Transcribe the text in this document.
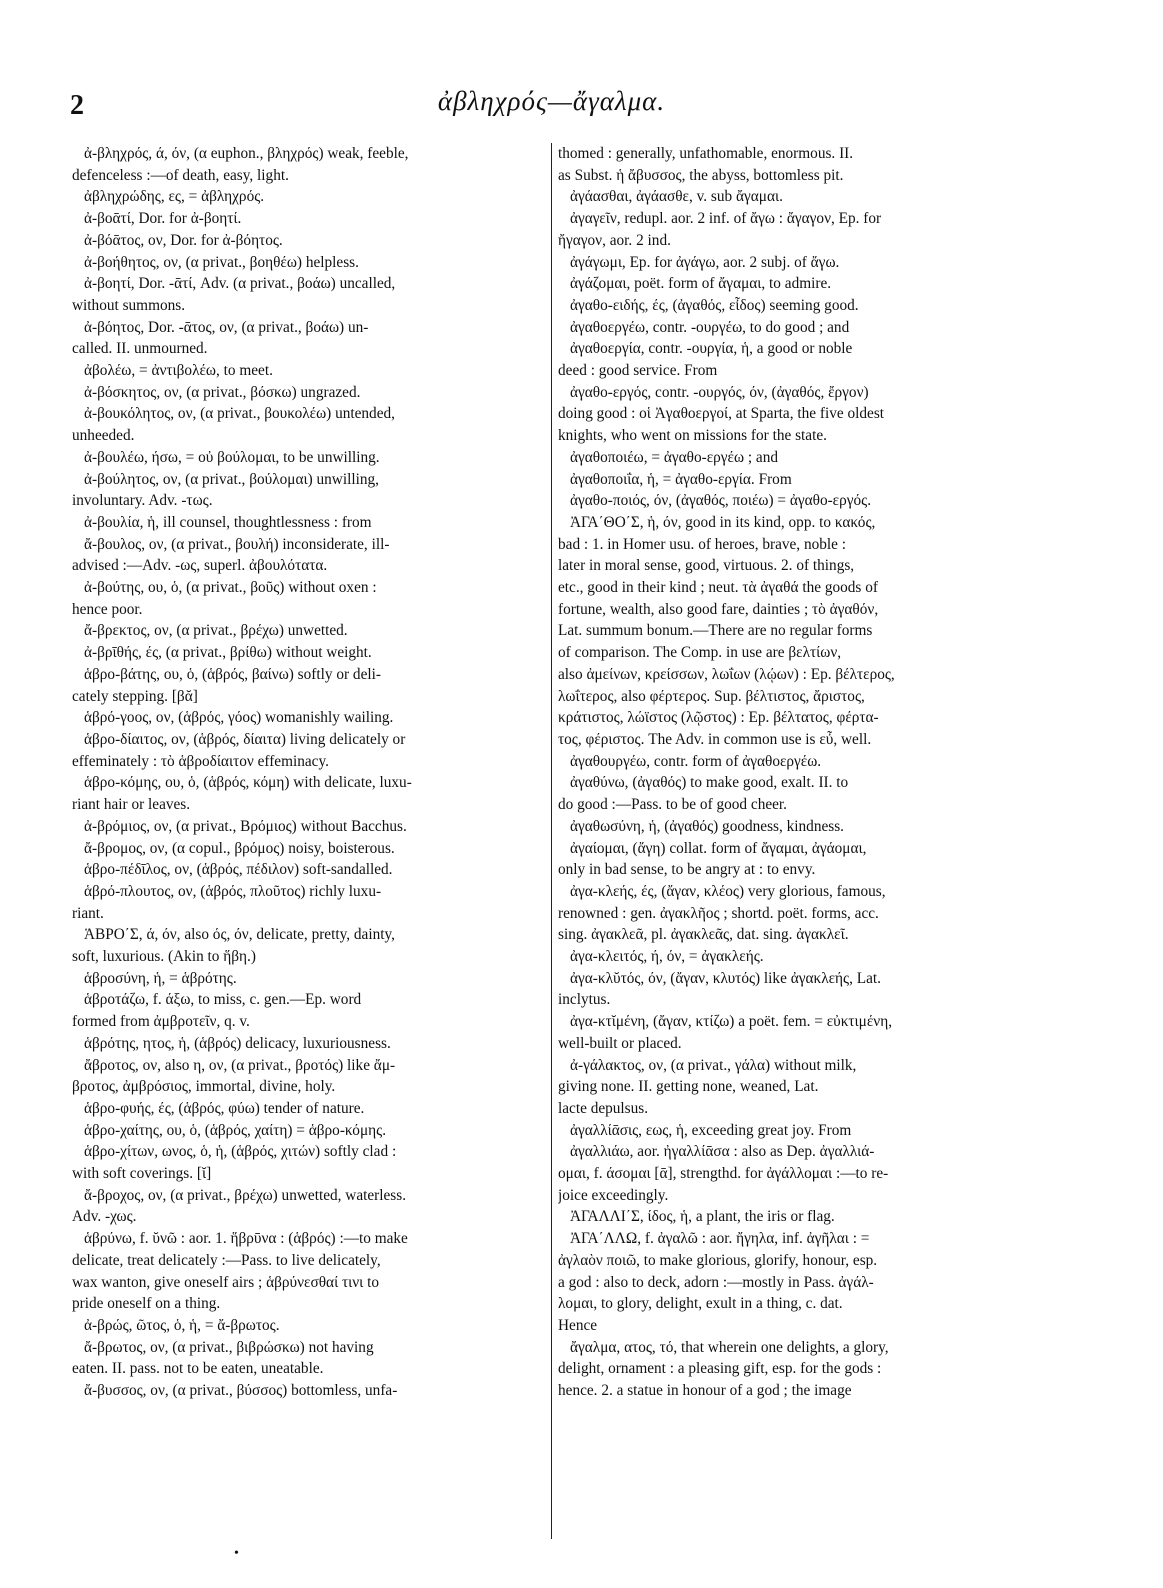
2	ἀβληχρός—ἄγαλμα.
ἀ-βληχρός, ά, όν, (α euphon., βληχρός) weak, feeble,
defenceless :—of death, easy, light.
ἀβληχρώδης, ες, = ἀβληχρός.
ἀ-βοᾱτί, Dor. for ἀ-βοητί.
ἀ-βόᾱτος, ον, Dor. for ἀ-βόητος.
ἀ-βοήθητος, ον, (α privat., βοηθέω) helpless.
ἀ-βοητί, Dor. -ᾱτί, Adv. (α privat., βοάω) uncalled,
without summons.
ἀ-βόητος, Dor. -ᾱτος, ον, (α privat., βοάω) un-
called. II. unmourned.
ἀβολέω, = ἀντιβολέω, to meet.
ἀ-βόσκητος, ον, (α privat., βόσκω) ungrazed.
ἀ-βουκόλητος, ον, (α privat., βουκολέω) untended,
unheeded.
ἀ-βουλέω, ήσω, = οὐ βούλομαι, to be unwilling.
ἀ-βούλητος, ον, (α privat., βούλομαι) unwilling,
involuntary. Adv. -τως.
ἀ-βουλία, ἡ, ill counsel, thoughtlessness : from
ἄ-βουλος, ον, (α privat., βουλή) inconsiderate, ill-
advised :—Adv. -ως, superl. ἀβουλότατα.
ἀ-βούτης, ου, ὁ, (α privat., βοῦς) without oxen :
hence poor.
ἄ-βρεκτος, ον, (α privat., βρέχω) unwetted.
ἀ-βρῑθής, ές, (α privat., βρίθω) without weight.
ἁβρο-βάτης, ου, ὁ, (ἁβρός, βαίνω) softly or deli-
cately stepping. [βᾰ]
ἁβρό-γοος, ον, (ἁβρός, γόος) womanishly wailing.
ἁβρο-δίαιτος, ον, (ἁβρός, δίαιτα) living delicately or
effeminately : τὸ ἁβροδίαιτον effeminacy.
ἁβρο-κόμης, ου, ὁ, (ἁβρός, κόμη) with delicate, luxu-
riant hair or leaves.
ἀ-βρόμιος, ον, (α privat., Βρόμιος) without Bacchus.
ἄ-βρομος, ον, (α copul., βρόμος) noisy, boisterous.
ἁβρο-πέδῑλος, ον, (ἁβρός, πέδιλον) soft-sandalled.
ἁβρό-πλουτος, ον, (ἁβρός, πλοῦτος) richly luxu-
riant.
ἉΒΡΟ΄Σ, ά, όν, also ός, όν, delicate, pretty, dainty,
soft, luxurious. (Akin to ἥβη.)
ἁβροσύνη, ἡ, = ἁβρότης.
ἁβροτάζω, f. άξω, to miss, c. gen.—Ep. word
formed from ἀμβροτεῖν, q. v.
ἁβρότης, ητος, ἡ, (ἁβρός) delicacy, luxuriousness.
ἄβροτος, ον, also η, ον, (α privat., βροτός) like ἄμ-
βροτος, ἀμβρόσιος, immortal, divine, holy.
ἁβρο-φυής, ές, (ἁβρός, φύω) tender of nature.
ἁβρο-χαίτης, ου, ὁ, (ἁβρός, χαίτη) = ἁβρο-κόμης.
ἁβρο-χίτων, ωνος, ὁ, ἡ, (ἁβρός, χιτών) softly clad :
with soft coverings. [ῐ]
ἄ-βροχος, ον, (α privat., βρέχω) unwetted, waterless.
Adv. -χως.
ἁβρύνω, f. ῠνῶ : aor. 1. ἥβρῡνα : (ἁβρός) :—to make
delicate, treat delicately :—Pass. to live delicately,
wax wanton, give oneself airs ; ἁβρύνεσθαί τινι to
pride oneself on a thing.
ἀ-βρώς, ῶτος, ὁ, ἡ, = ἄ-βρωτος.
ἄ-βρωτος, ον, (α privat., βιβρώσκω) not having
eaten. II. pass. not to be eaten, uneatable.
ἄ-βυσσος, ον, (α privat., βύσσος) bottomless, unfa-
thomed : generally, unfathomable, enormous. II.
as Subst. ἡ ἄβυσσος, the abyss, bottomless pit.
ἀγάασθαι, ἀγάασθε, v. sub ἄγαμαι.
ἀγαγεῖν, redupl. aor. 2 inf. of ἄγω : ἄγαγον, Ep. for
ἤγαγον, aor. 2 ind.
ἀγάγωμι, Ep. for ἀγάγω, aor. 2 subj. of ἄγω.
ἀγάζομαι, poët. form of ἄγαμαι, to admire.
ἀγαθο-ειδής, ές, (ἀγαθός, εἶδος) seeming good.
ἀγαθοεργέω, contr. -ουργέω, to do good ; and
ἀγαθοεργία, contr. -ουργία, ἡ, a good or noble
deed : good service. From
ἀγαθο-εργός, contr. -ουργός, όν, (ἀγαθός, ἔργον)
doing good : οἱ Ἀγαθοεργοί, at Sparta, the five oldest
knights, who went on missions for the state.
ἀγαθοποιέω, = ἀγαθο-εργέω ; and
ἀγαθοποιΐα, ἡ, = ἀγαθο-εργία. From
ἀγαθο-ποιός, όν, (ἀγαθός, ποιέω) = ἀγαθο-εργός.
ἈΓΑ΄ΘΟ΄Σ, ἡ, όν, good in its kind, opp. to κακός,
bad : 1. in Homer usu. of heroes, brave, noble :
later in moral sense, good, virtuous. 2. of things,
etc., good in their kind ; neut. τὰ ἀγαθά the goods of
fortune, wealth, also good fare, dainties ; τὸ ἀγαθόν,
Lat. summum bonum.—There are no regular forms
of comparison. The Comp. in use are βελτίων,
also ἀμείνων, κρείσσων, λωΐων (λῴων) : Ep. βέλτερος,
λωΐτερος, also φέρτερος. Sup. βέλτιστος, ἄριστος,
κράτιστος, λώϊστος (λῷστος) : Ep. βέλτατος, φέρτα-
τος, φέριστος. The Adv. in common use is εὖ, well.
ἀγαθουργέω, contr. form of ἀγαθοεργέω.
ἀγαθύνω, (ἀγαθός) to make good, exalt. II. to
do good :—Pass. to be of good cheer.
ἀγαθωσύνη, ἡ, (ἀγαθός) goodness, kindness.
ἀγαίομαι, (ἄγη) collat. form of ἄγαμαι, ἀγάομαι,
only in bad sense, to be angry at : to envy.
ἀγα-κλεής, ές, (ἄγαν, κλέος) very glorious, famous,
renowned : gen. ἀγακλῆος ; shortd. poët. forms, acc.
sing. ἀγακλεᾶ, pl. ἀγακλεᾶς, dat. sing. ἀγακλεῖ.
ἀγα-κλειτός, ή, όν, = ἀγακλεής.
ἀγα-κλῠτός, όν, (ἄγαν, κλυτός) like ἀγακλεής, Lat.
inclytus.
ἀγα-κτῐμένη, (ἄγαν, κτίζω) a poët. fem. = εὐκτιμένη,
well-built or placed.
ἀ-γάλακτος, ον, (α privat., γάλα) without milk,
giving none. II. getting none, weaned, Lat.
lacte depulsus.
ἀγαλλίᾱσις, εως, ἡ, exceeding great joy. From
ἀγαλλιάω, aor. ἠγαλλίᾱσα : also as Dep. ἀγαλλιά-
ομαι, f. άσομαι [ᾱ], strengthd. for ἀγάλλομαι :—to re-
joice exceedingly.
ἈΓΑΛΛΙ΄Σ, ίδος, ἡ, a plant, the iris or flag.
ἈΓΑ΄ΛΛΩ, f. ἀγαλῶ : aor. ἤγηλα, inf. ἀγῆλαι : =
ἀγλαὸν ποιῶ, to make glorious, glorify, honour, esp.
a god : also to deck, adorn :—mostly in Pass. ἀγάλ-
λομαι, to glory, delight, exult in a thing, c. dat.
Hence
ἄγαλμα, ατος, τό, that wherein one delights, a glory,
delight, ornament : a pleasing gift, esp. for the gods :
hence. 2. a statue in honour of a god ; the image
•
